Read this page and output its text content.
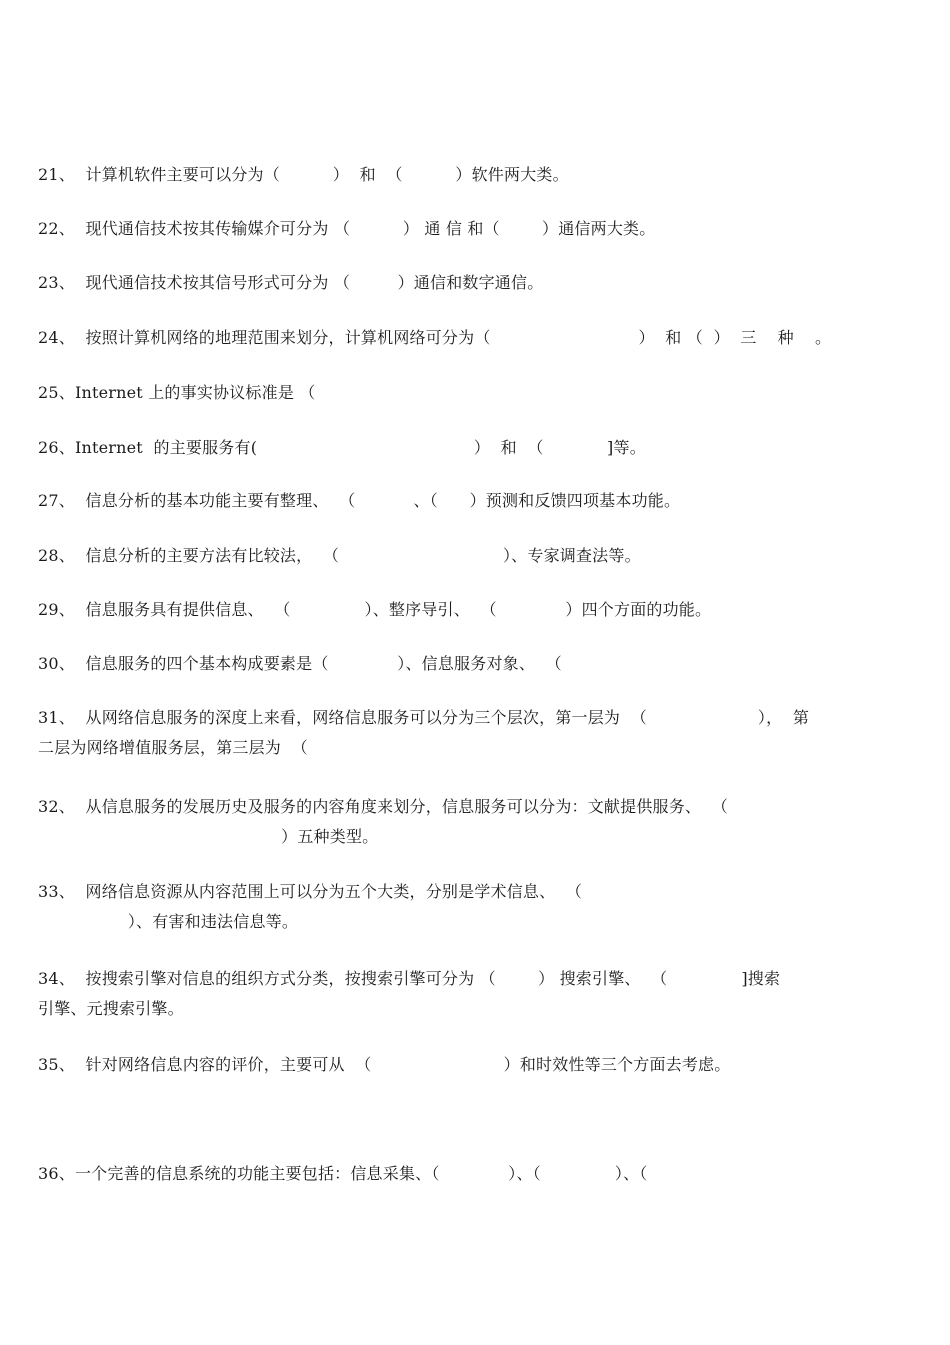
21、  计算机软件主要可以分为（          ）  和  （          ）软件两大类。
22、  现代通信技术按其传输媒介可分为 （          ） 通 信 和（        ）通信两大类。
23、  现代通信技术按其信号形式可分为 （         ）通信和数字通信。
24、  按照计算机网络的地理范围来划分，计算机网络可分为（                            ）  和 （  ）  三    种    。
25、Internet 上的事实协议标准是 （
26、Internet  的主要服务有(                                         ）  和  （            ]等。
27、  信息分析的基本功能主要有整理、  （           、（      ）预测和反馈四项基本功能。
28、  信息分析的主要方法有比较法，  （                               ）、专家调查法等。
29、  信息服务具有提供信息、  （              ）、整序导引、  （             ）四个方面的功能。
30、  信息服务的四个基本构成要素是（             ）、信息服务对象、  （
31、  从网络信息服务的深度上来看，网络信息服务可以分为三个层次，第一层为  （                     ），  第
二层为网络增值服务层，第三层为  （
32、  从信息服务的发展历史及服务的内容角度来划分，信息服务可以分为：文献提供服务、  （
）五种类型。
33、  网络信息资源从内容范围上可以分为五个大类，分别是学术信息、  （
）、有害和违法信息等。
34、  按搜索引擎对信息的组织方式分类，按搜索引擎可分为 （        ） 搜索引擎、  （              ]搜索
引擎、元搜索引擎。
35、  针对网络信息内容的评价，主要可从  （                         ）和时效性等三个方面去考虑。
36、一个完善的信息系统的功能主要包括：信息采集、（             ）、（              ）、（
